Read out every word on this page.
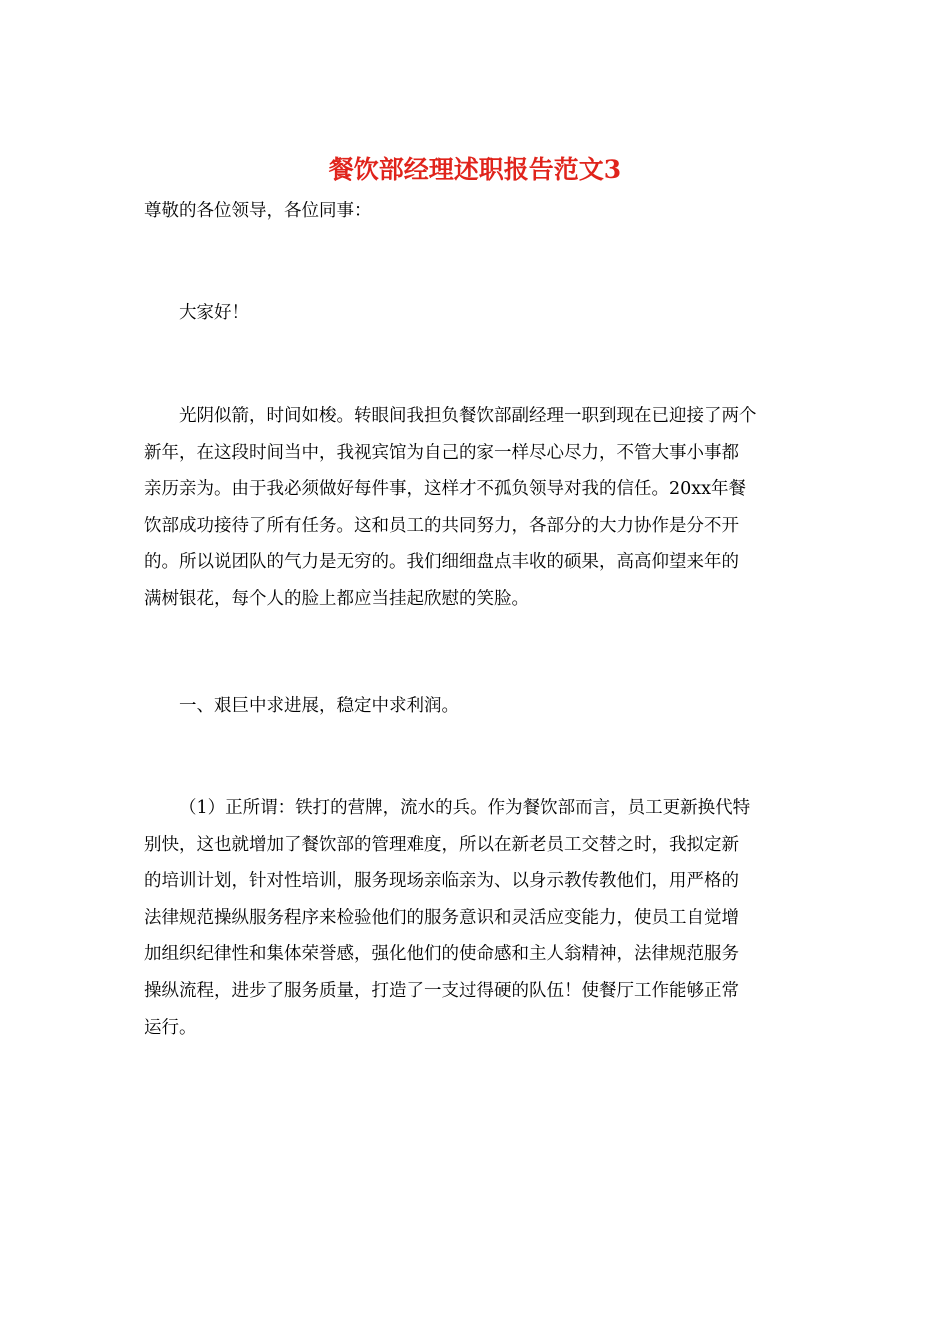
餐饮部经理述职报告范文3

尊敬的各位领导，各位同事：

大家好！

光阴似箭，时间如梭。转眼间我担负餐饮部副经理一职到现在已迎接了两个
新年，在这段时间当中，我视宾馆为自己的家一样尽心尽力，不管大事小事都
亲历亲为。由于我必须做好每件事，这样才不孤负领导对我的信任。20xx年餐
饮部成功接待了所有任务。这和员工的共同努力，各部分的大力协作是分不开
的。所以说团队的气力是无穷的。我们细细盘点丰收的硕果，高高仰望来年的
满树银花，每个人的脸上都应当挂起欣慰的笑脸。

一、艰巨中求进展，稳定中求利润。

（1）正所谓：铁打的营牌，流水的兵。作为餐饮部而言，员工更新换代特
别快，这也就增加了餐饮部的管理难度，所以在新老员工交替之时，我拟定新
的培训计划，针对性培训，服务现场亲临亲为、以身示教传教他们，用严格的
法律规范操纵服务程序来检验他们的服务意识和灵活应变能力，使员工自觉增
加组织纪律性和集体荣誉感，强化他们的使命感和主人翁精神，法律规范服务
操纵流程，进步了服务质量，打造了一支过得硬的队伍！使餐厅工作能够正常
运行。
